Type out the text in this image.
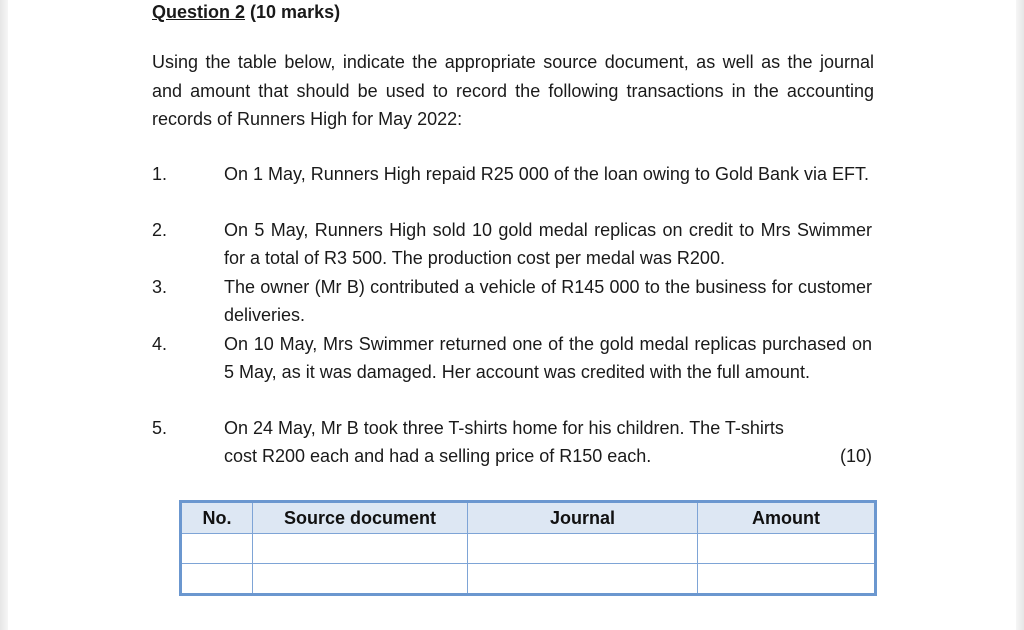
Question 2 (10 marks)
Using the table below, indicate the appropriate source document, as well as the journal and amount that should be used to record the following transactions in the accounting records of Runners High for May 2022:
1.	On 1 May, Runners High repaid R25 000 of the loan owing to Gold Bank via EFT.
2.	On 5 May, Runners High sold 10 gold medal replicas on credit to Mrs Swimmer for a total of R3 500. The production cost per medal was R200.
3.	The owner (Mr B) contributed a vehicle of R145 000 to the business for customer deliveries.
4.	On 10 May, Mrs Swimmer returned one of the gold medal replicas purchased on 5 May, as it was damaged. Her account was credited with the full amount.
5.	On 24 May, Mr B took three T-shirts home for his children. The T-shirts cost R200 each and had a selling price of R150 each.	(10)
No.	Source document	Journal	Amount
